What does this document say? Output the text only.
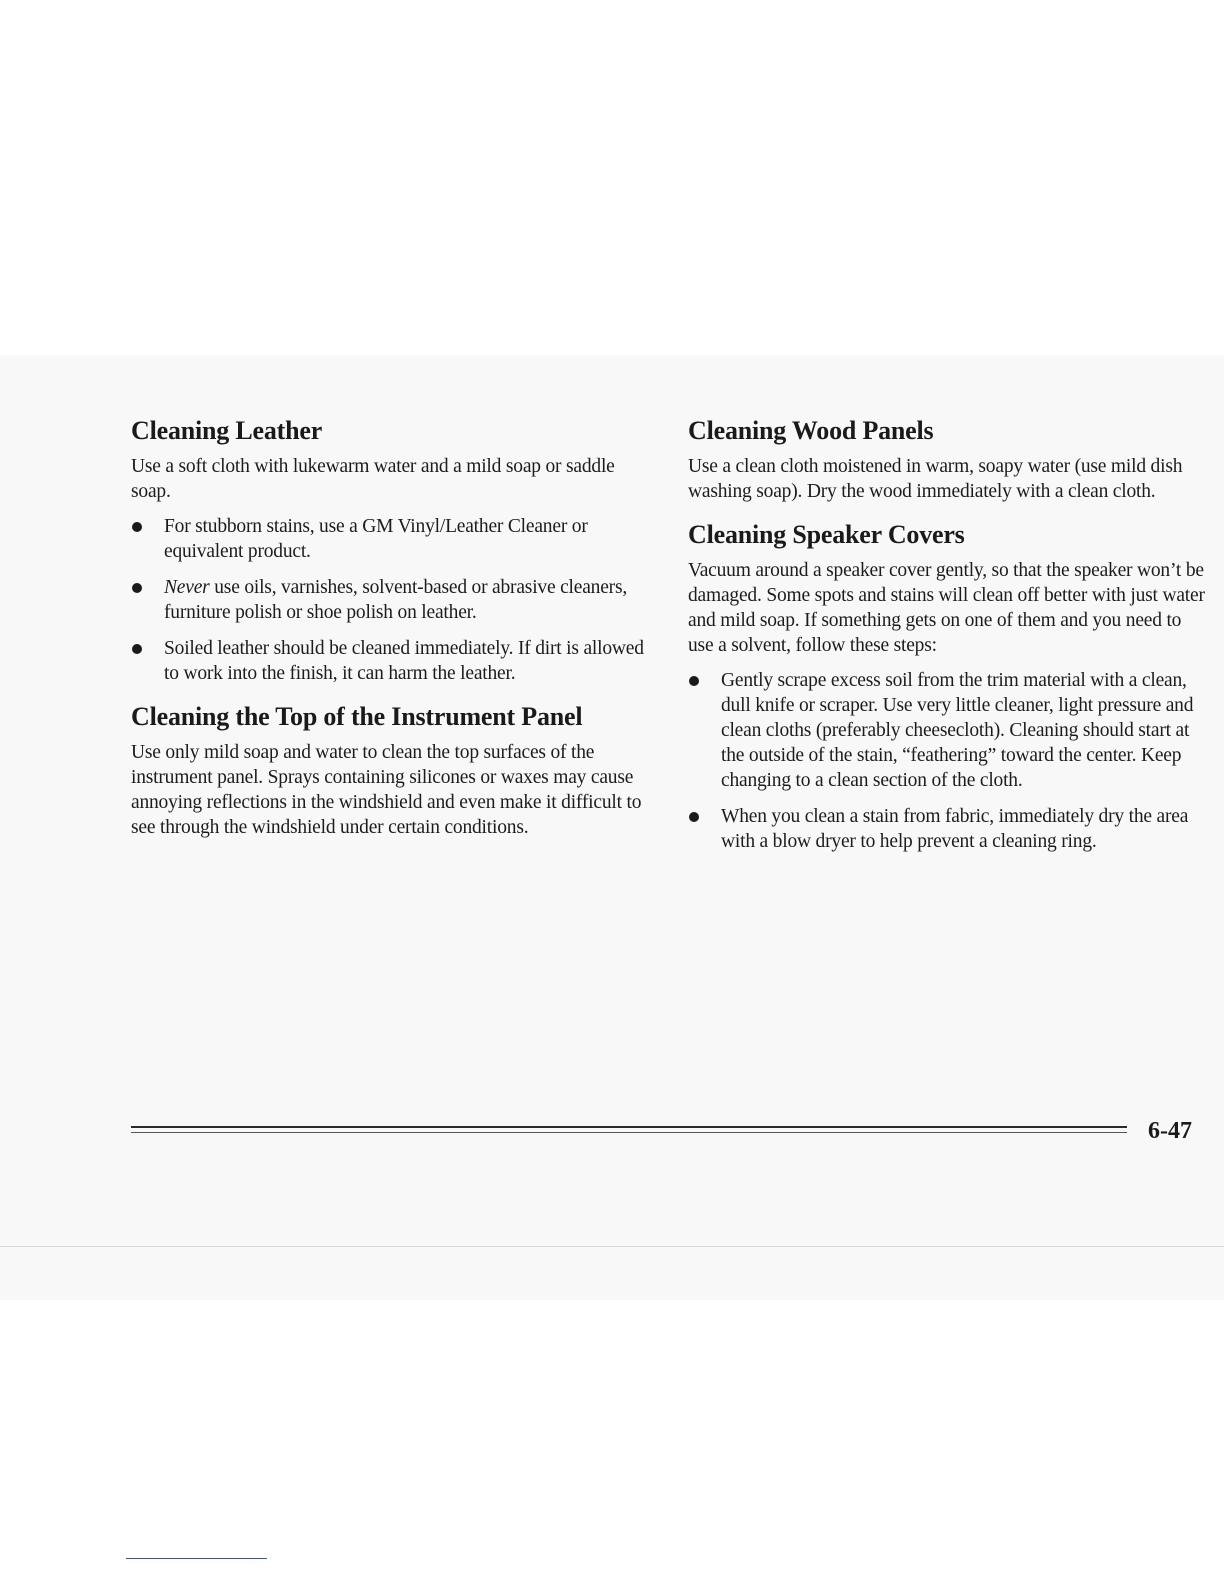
Cleaning Leather

Use a soft cloth with lukewarm water and a mild soap or saddle soap.

For stubborn stains, use a GM Vinyl/Leather Cleaner or equivalent product.
Never use oils, varnishes, solvent-based or abrasive cleaners, furniture polish or shoe polish on leather.
Soiled leather should be cleaned immediately. If dirt is allowed to work into the finish, it can harm the leather.
Cleaning the Top of the Instrument Panel

Use only mild soap and water to clean the top surfaces of the instrument panel. Sprays containing silicones or waxes may cause annoying reflections in the windshield and even make it difficult to see through the windshield under certain conditions.

Cleaning Wood Panels

Use a clean cloth moistened in warm, soapy water (use mild dish washing soap). Dry the wood immediately with a clean cloth.

Cleaning Speaker Covers

Vacuum around a speaker cover gently, so that the speaker won’t be damaged. Some spots and stains will clean off better with just water and mild soap. If something gets on one of them and you need to use a solvent, follow these steps:

Gently scrape excess soil from the trim material with a clean, dull knife or scraper. Use very little cleaner, light pressure and clean cloths (preferably cheesecloth). Cleaning should start at the outside of the stain, “feathering” toward the center. Keep changing to a clean section of the cloth.
When you clean a stain from fabric, immediately dry the area with a blow dryer to help prevent a cleaning ring.
6-47
